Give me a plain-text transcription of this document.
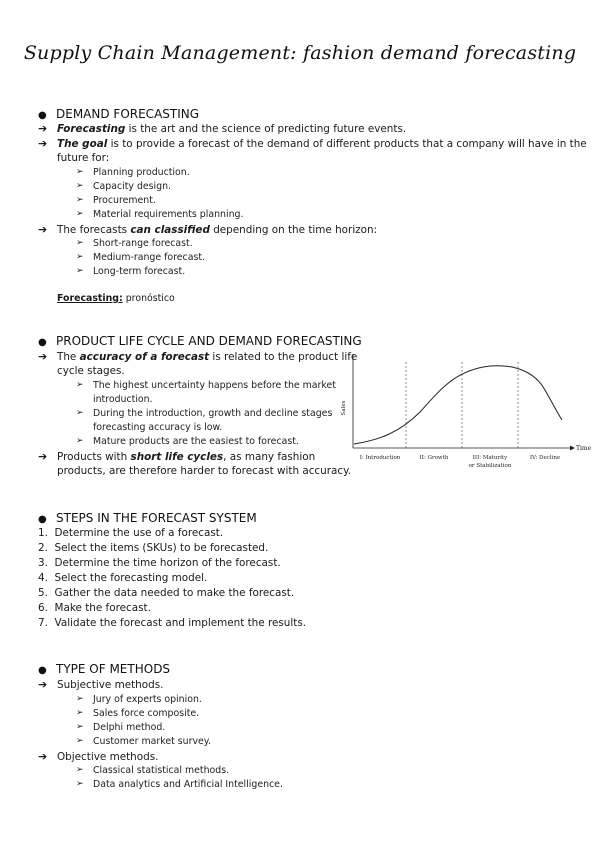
Supply Chain Management: fashion demand forecasting
● DEMAND FORECASTING
➔ Forecasting is the art and the science of predicting future events.
➔ The goal is to provide a forecast of the demand of different products that a company will have in the
future for:
➢ Planning production.
➢ Capacity design.
➢ Procurement.
➢ Material requirements planning.
➔ The forecasts can classified depending on the time horizon:
➢ Short-range forecast.
➢ Medium-range forecast.
➢ Long-term forecast.
Forecasting: pronóstico
● PRODUCT LIFE CYCLE AND DEMAND FORECASTING
➔ The accuracy of a forecast is related to the product life
cycle stages.
➢ The highest uncertainty happens before the market
introduction.
➢ During the introduction, growth and decline stages
forecasting accuracy is low.
➢ Mature products are the easiest to forecast.
➔ Products with short life cycles, as many fashion
products, are therefore harder to forecast with accuracy.
Sales
Time
I: Introduction	II: Growth	III: Maturity
or Stabilization
IV: Decline
● STEPS IN THE FORECAST SYSTEM
1.  Determine the use of a forecast.
2.  Select the items (SKUs) to be forecasted.
3.  Determine the time horizon of the forecast.
4.  Select the forecasting model.
5.  Gather the data needed to make the forecast.
6.  Make the forecast.
7.  Validate the forecast and implement the results.
● TYPE OF METHODS
➔ Subjective methods.
➢ Jury of experts opinion.
➢ Sales force composite.
➢ Delphi method.
➢ Customer market survey.
➔ Objective methods.
➢ Classical statistical methods.
➢ Data analytics and Artificial Intelligence.
